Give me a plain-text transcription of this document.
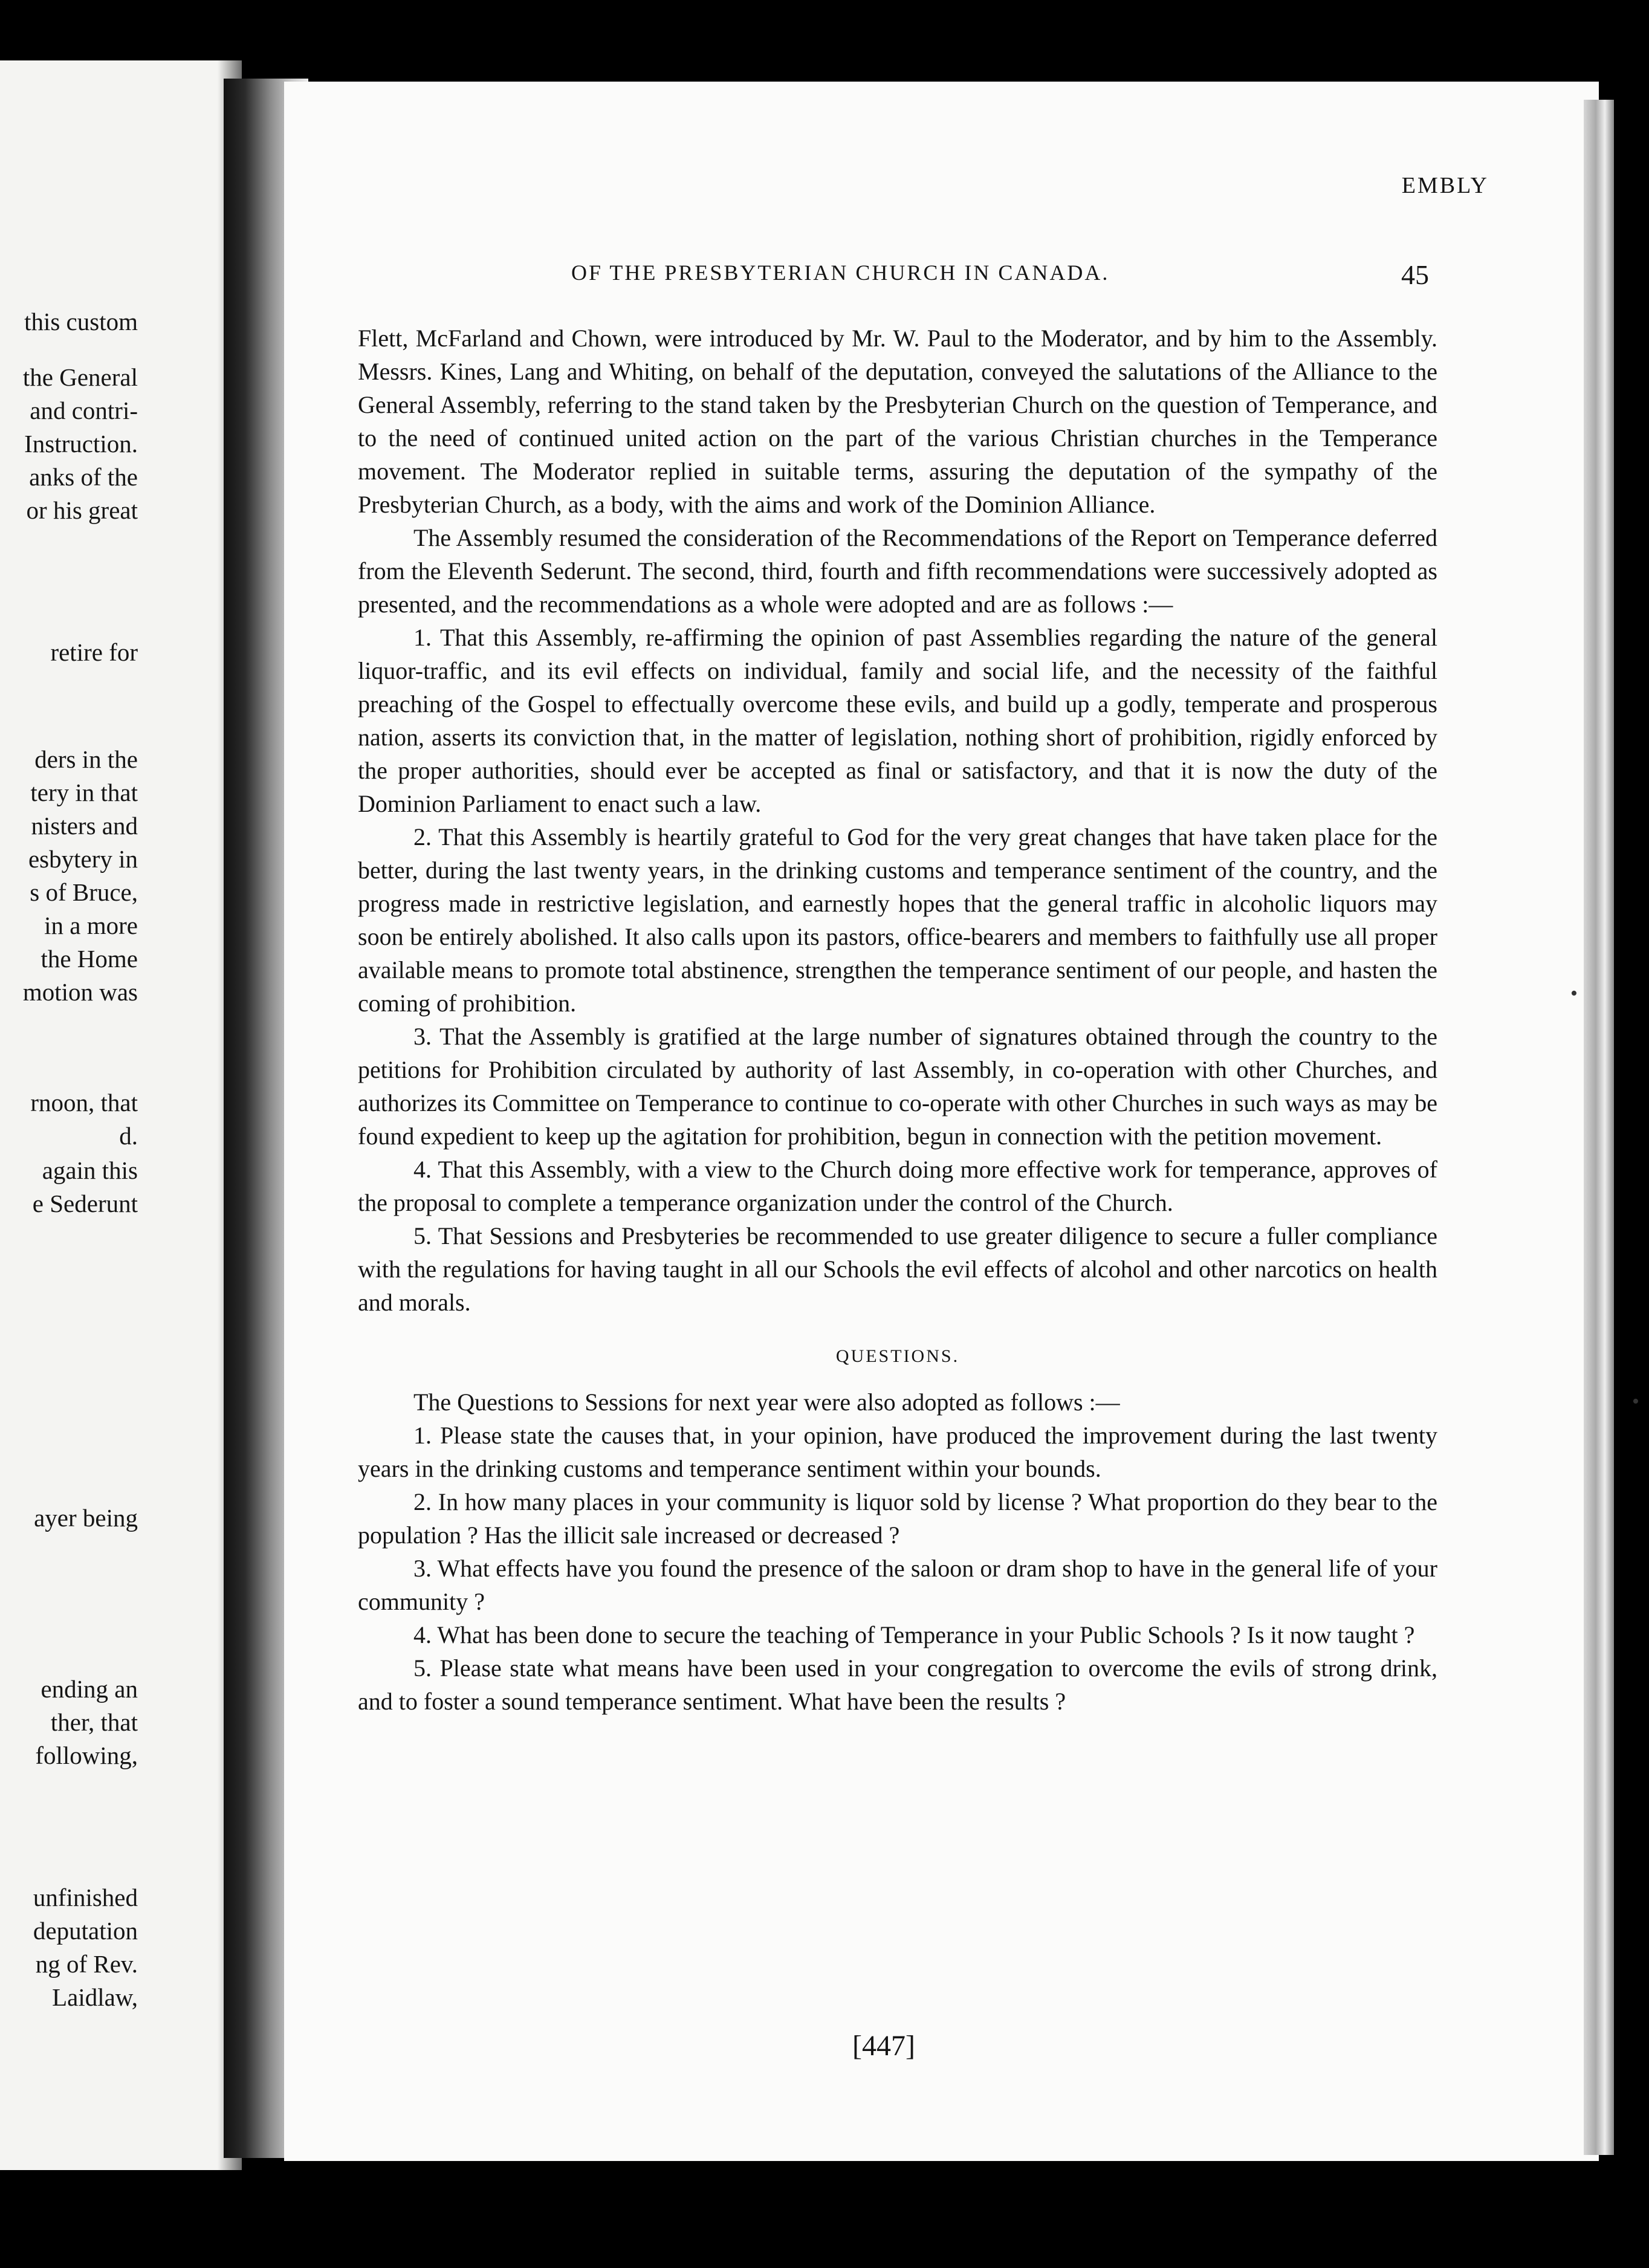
this custom
the General
and contri-
Instruction.
anks of the
or his great
retire for
ders in the
tery in that
nisters and
esbytery in
s of Bruce,
in a more
the Home
motion was
rnoon, that
d.
again this
e Sederunt
ayer being
ending an
ther, that
following,
unfinished
deputation
ng of Rev.
Laidlaw,
EMBLY
OF THE PRESBYTERIAN CHURCH IN CANADA.	45

Flett, McFarland and Chown, were introduced by Mr. W. Paul to the Moderator, and by him to the Assembly. Messrs. Kines, Lang and Whiting, on behalf of the deputation, conveyed the salutations of the Alliance to the General Assembly, referring to the stand taken by the Presbyterian Church on the question of Temperance, and to the need of continued united action on the part of the various Christian churches in the Temperance movement. The Moderator replied in suitable terms, assuring the deputation of the sympathy of the Presbyterian Church, as a body, with the aims and work of the Dominion Alliance.

The Assembly resumed the consideration of the Recommendations of the Report on Temperance deferred from the Eleventh Sederunt. The second, third, fourth and fifth recommendations were successively adopted as presented, and the recommendations as a whole were adopted and are as follows :—

1. That this Assembly, re-affirming the opinion of past Assemblies regarding the nature of the general liquor-traffic, and its evil effects on individual, family and social life, and the necessity of the faithful preaching of the Gospel to effectually overcome these evils, and build up a godly, temperate and prosperous nation, asserts its conviction that, in the matter of legislation, nothing short of prohibition, rigidly enforced by the proper authorities, should ever be accepted as final or satisfactory, and that it is now the duty of the Dominion Parliament to enact such a law.

2. That this Assembly is heartily grateful to God for the very great changes that have taken place for the better, during the last twenty years, in the drinking customs and temperance sentiment of the country, and the progress made in restrictive legislation, and earnestly hopes that the general traffic in alcoholic liquors may soon be entirely abolished. It also calls upon its pastors, office-bearers and members to faithfully use all proper available means to promote total abstinence, strengthen the temperance sentiment of our people, and hasten the coming of prohibition.

3. That the Assembly is gratified at the large number of signatures obtained through the country to the petitions for Prohibition circulated by authority of last Assembly, in co-operation with other Churches, and authorizes its Committee on Temperance to continue to co-operate with other Churches in such ways as may be found expedient to keep up the agitation for prohibition, begun in connection with the petition movement.

4. That this Assembly, with a view to the Church doing more effective work for temperance, approves of the proposal to complete a temperance organization under the control of the Church.

5. That Sessions and Presbyteries be recommended to use greater diligence to secure a fuller compliance with the regulations for having taught in all our Schools the evil effects of alcohol and other narcotics on health and morals.

QUESTIONS.

The Questions to Sessions for next year were also adopted as follows :—

1. Please state the causes that, in your opinion, have produced the improvement during the last twenty years in the drinking customs and temperance sentiment within your bounds.

2. In how many places in your community is liquor sold by license ? What proportion do they bear to the population ? Has the illicit sale increased or decreased ?

3. What effects have you found the presence of the saloon or dram shop to have in the general life of your community ?

4. What has been done to secure the teaching of Temperance in your Public Schools ? Is it now taught ?

5. Please state what means have been used in your congregation to overcome the evils of strong drink, and to foster a sound temperance sentiment. What have been the results ?

[447]
•
•
